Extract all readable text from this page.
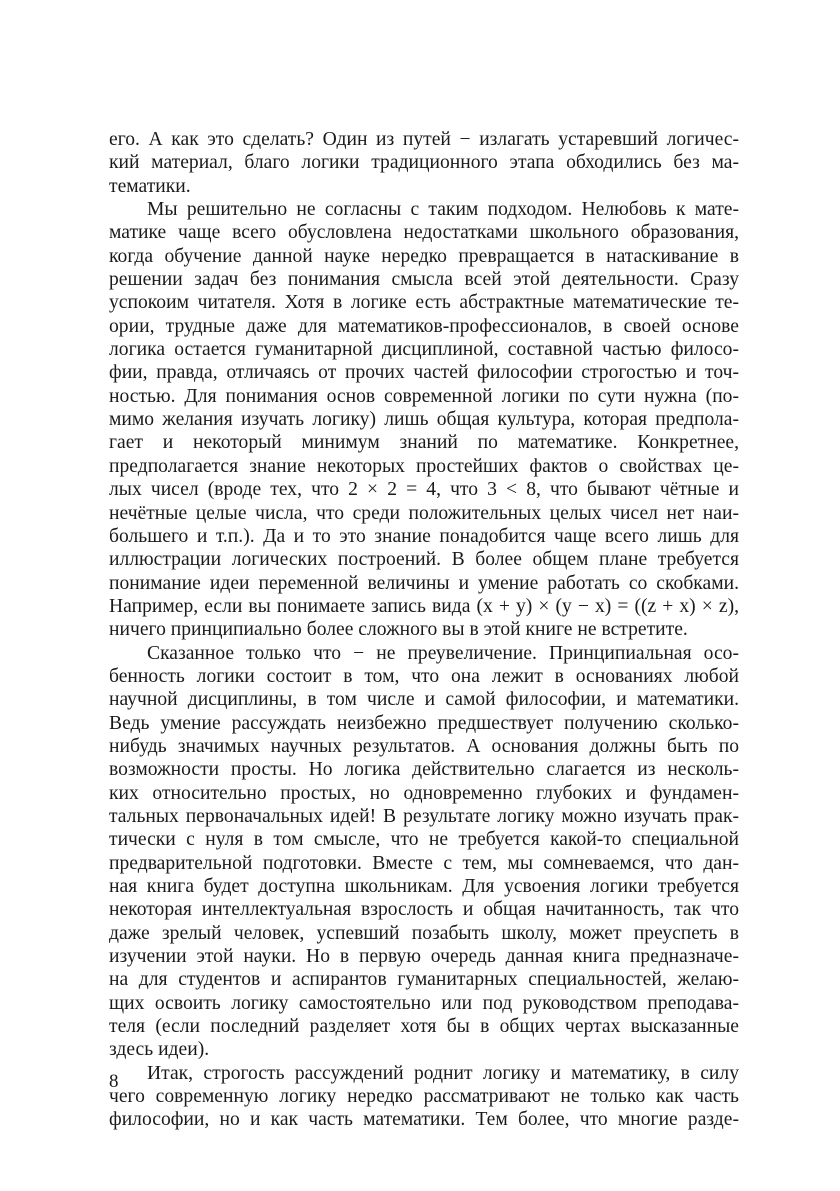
его. А как это сделать? Один из путей − излагать устаревший логичес-
кий материал, благо логики традиционного этапа обходились без ма-
тематики.
Мы решительно не согласны с таким подходом. Нелюбовь к мате-
матике чаще всего обусловлена недостатками школьного образования,
когда обучение данной науке нередко превращается в натаскивание в
решении задач без понимания смысла всей этой деятельности. Сразу
успокоим читателя. Хотя в логике есть абстрактные математические те-
ории, трудные даже для математиков-профессионалов, в своей основе
логика остается гуманитарной дисциплиной, составной частью филосо-
фии, правда, отличаясь от прочих частей философии строгостью и точ-
ностью. Для понимания основ современной логики по сути нужна (по-
мимо желания изучать логику) лишь общая культура, которая предпола-
гает и некоторый минимум знаний по математике. Конкретнее,
предполагается знание некоторых простейших фактов о свойствах це-
лых чисел (вроде тех, что 2 × 2 = 4, что 3 < 8, что бывают чётные и
нечётные целые числа, что среди положительных целых чисел нет наи-
большего и т.п.). Да и то это знание понадобится чаще всего лишь для
иллюстрации логических построений. В более общем плане требуется
понимание идеи переменной величины и умение работать со скобками.
Например, если вы понимаете запись вида (x + y) × (y − x) = ((z + x) × z),
ничего принципиально более сложного вы в этой книге не встретите.
Сказанное только что − не преувеличение. Принципиальная осо-
бенность логики состоит в том, что она лежит в основаниях любой
научной дисциплины, в том числе и самой философии, и математики.
Ведь умение рассуждать неизбежно предшествует получению сколько-
нибудь значимых научных результатов. А основания должны быть по
возможности просты. Но логика действительно слагается из несколь-
ких относительно простых, но одновременно глубоких и фундамен-
тальных первоначальных идей! В результате логику можно изучать прак-
тически с нуля в том смысле, что не требуется какой-то специальной
предварительной подготовки. Вместе с тем, мы сомневаемся, что дан-
ная книга будет доступна школьникам. Для усвоения логики требуется
некоторая интеллектуальная взрослость и общая начитанность, так что
даже зрелый человек, успевший позабыть школу, может преуспеть в
изучении этой науки. Но в первую очередь данная книга предназначе-
на для студентов и аспирантов гуманитарных специальностей, желаю-
щих освоить логику самостоятельно или под руководством преподава-
теля (если последний разделяет хотя бы в общих чертах высказанные
здесь идеи).
Итак, строгость рассуждений роднит логику и математику, в силу
чего современную логику нередко рассматривают не только как часть
философии, но и как часть математики. Тем более, что многие разде-
8
